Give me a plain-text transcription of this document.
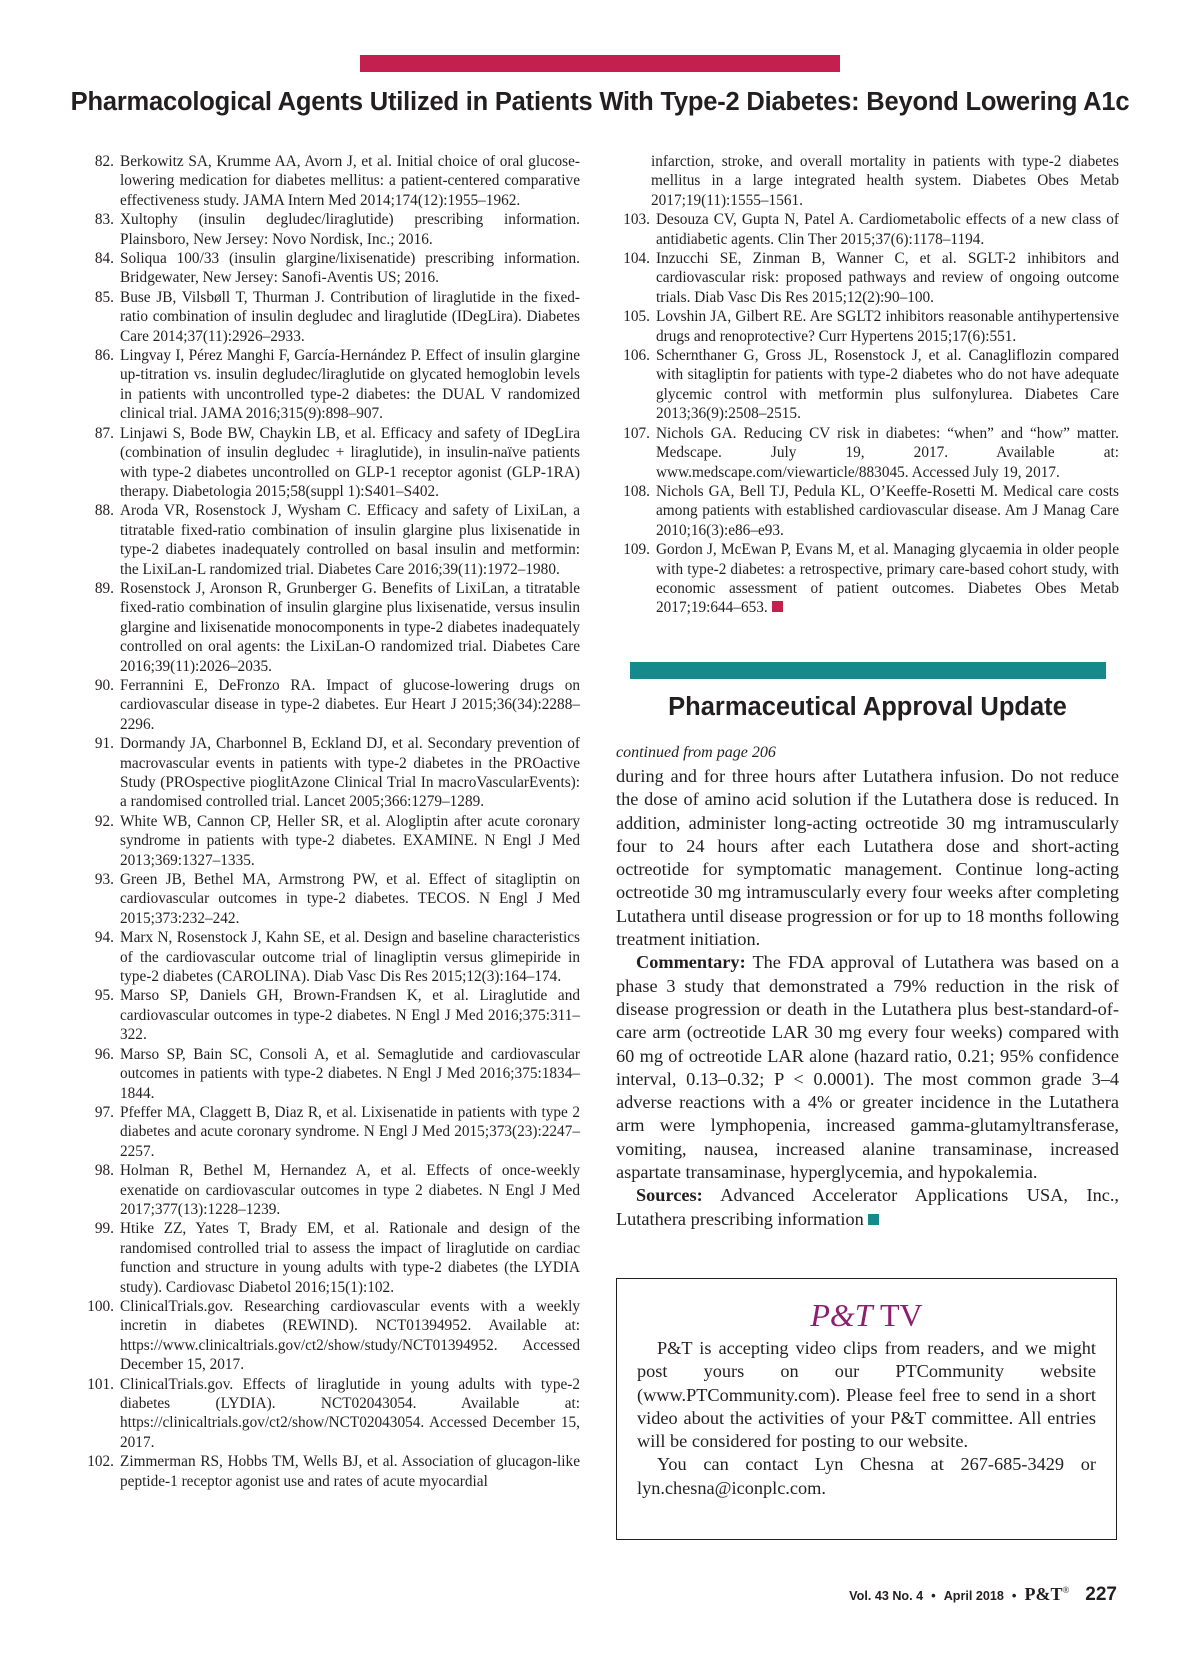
Pharmacological Agents Utilized in Patients With Type-2 Diabetes: Beyond Lowering A1c
82. Berkowitz SA, Krumme AA, Avorn J, et al. Initial choice of oral glucose-lowering medication for diabetes mellitus: a patient-centered comparative effectiveness study. JAMA Intern Med 2014;174(12):1955–1962.
83. Xultophy (insulin degludec/liraglutide) prescribing information. Plainsboro, New Jersey: Novo Nordisk, Inc.; 2016.
84. Soliqua 100/33 (insulin glargine/lixisenatide) prescribing information. Bridgewater, New Jersey: Sanofi-Aventis US; 2016.
85. Buse JB, Vilsbøll T, Thurman J. Contribution of liraglutide in the fixed-ratio combination of insulin degludec and liraglutide (IDegLira). Diabetes Care 2014;37(11):2926–2933.
86. Lingvay I, Pérez Manghi F, García-Hernández P. Effect of insulin glargine up-titration vs. insulin degludec/liraglutide on glycated hemoglobin levels in patients with uncontrolled type-2 diabetes: the DUAL V randomized clinical trial. JAMA 2016;315(9):898–907.
87. Linjawi S, Bode BW, Chaykin LB, et al. Efficacy and safety of IDegLira (combination of insulin degludec + liraglutide), in insulin-naïve patients with type-2 diabetes uncontrolled on GLP-1 receptor agonist (GLP-1RA) therapy. Diabetologia 2015;58(suppl 1):S401–S402.
88. Aroda VR, Rosenstock J, Wysham C. Efficacy and safety of LixiLan, a titratable fixed-ratio combination of insulin glargine plus lixisenatide in type-2 diabetes inadequately controlled on basal insulin and metformin: the LixiLan-L randomized trial. Diabetes Care 2016;39(11):1972–1980.
89. Rosenstock J, Aronson R, Grunberger G. Benefits of LixiLan, a titratable fixed-ratio combination of insulin glargine plus lixisenatide, versus insulin glargine and lixisenatide monocomponents in type-2 diabetes inadequately controlled on oral agents: the LixiLan-O randomized trial. Diabetes Care 2016;39(11):2026–2035.
90. Ferrannini E, DeFronzo RA. Impact of glucose-lowering drugs on cardiovascular disease in type-2 diabetes. Eur Heart J 2015;36(34):2288–2296.
91. Dormandy JA, Charbonnel B, Eckland DJ, et al. Secondary prevention of macrovascular events in patients with type-2 diabetes in the PROactive Study (PROspective pioglitAzone Clinical Trial In macroVascularEvents): a randomised controlled trial. Lancet 2005;366:1279–1289.
92. White WB, Cannon CP, Heller SR, et al. Alogliptin after acute coronary syndrome in patients with type-2 diabetes. EXAMINE. N Engl J Med 2013;369:1327–1335.
93. Green JB, Bethel MA, Armstrong PW, et al. Effect of sitagliptin on cardiovascular outcomes in type-2 diabetes. TECOS. N Engl J Med 2015;373:232–242.
94. Marx N, Rosenstock J, Kahn SE, et al. Design and baseline characteristics of the cardiovascular outcome trial of linagliptin versus glimepiride in type-2 diabetes (CAROLINA). Diab Vasc Dis Res 2015;12(3):164–174.
95. Marso SP, Daniels GH, Brown-Frandsen K, et al. Liraglutide and cardiovascular outcomes in type-2 diabetes. N Engl J Med 2016;375:311–322.
96. Marso SP, Bain SC, Consoli A, et al. Semaglutide and cardiovascular outcomes in patients with type-2 diabetes. N Engl J Med 2016;375:1834–1844.
97. Pfeffer MA, Claggett B, Diaz R, et al. Lixisenatide in patients with type 2 diabetes and acute coronary syndrome. N Engl J Med 2015;373(23):2247–2257.
98. Holman R, Bethel M, Hernandez A, et al. Effects of once-weekly exenatide on cardiovascular outcomes in type 2 diabetes. N Engl J Med 2017;377(13):1228–1239.
99. Htike ZZ, Yates T, Brady EM, et al. Rationale and design of the randomised controlled trial to assess the impact of liraglutide on cardiac function and structure in young adults with type-2 diabetes (the LYDIA study). Cardiovasc Diabetol 2016;15(1):102.
100. ClinicalTrials.gov. Researching cardiovascular events with a weekly incretin in diabetes (REWIND). NCT01394952. Available at: https://www.clinicaltrials.gov/ct2/show/study/NCT01394952. Accessed December 15, 2017.
101. ClinicalTrials.gov. Effects of liraglutide in young adults with type-2 diabetes (LYDIA). NCT02043054. Available at: https://clinicaltrials.gov/ct2/show/NCT02043054. Accessed December 15, 2017.
102. Zimmerman RS, Hobbs TM, Wells BJ, et al. Association of glucagon-like peptide-1 receptor agonist use and rates of acute myocardial
infarction, stroke, and overall mortality in patients with type-2 diabetes mellitus in a large integrated health system. Diabetes Obes Metab 2017;19(11):1555–1561.
103. Desouza CV, Gupta N, Patel A. Cardiometabolic effects of a new class of antidiabetic agents. Clin Ther 2015;37(6):1178–1194.
104. Inzucchi SE, Zinman B, Wanner C, et al. SGLT-2 inhibitors and cardiovascular risk: proposed pathways and review of ongoing outcome trials. Diab Vasc Dis Res 2015;12(2):90–100.
105. Lovshin JA, Gilbert RE. Are SGLT2 inhibitors reasonable antihypertensive drugs and renoprotective? Curr Hypertens 2015;17(6):551.
106. Schernthaner G, Gross JL, Rosenstock J, et al. Canagliflozin compared with sitagliptin for patients with type-2 diabetes who do not have adequate glycemic control with metformin plus sulfonylurea. Diabetes Care 2013;36(9):2508–2515.
107. Nichols GA. Reducing CV risk in diabetes: “when” and “how” matter. Medscape. July 19, 2017. Available at: www.medscape.com/viewarticle/883045. Accessed July 19, 2017.
108. Nichols GA, Bell TJ, Pedula KL, O’Keeffe-Rosetti M. Medical care costs among patients with established cardiovascular disease. Am J Manag Care 2010;16(3):e86–e93.
109. Gordon J, McEwan P, Evans M, et al. Managing glycaemia in older people with type-2 diabetes: a retrospective, primary care-based cohort study, with economic assessment of patient outcomes. Diabetes Obes Metab 2017;19:644–653.
Pharmaceutical Approval Update
continued from page 206

during and for three hours after Lutathera infusion. Do not reduce the dose of amino acid solution if the Lutathera dose is reduced. In addition, administer long-acting octreotide 30 mg intramuscularly four to 24 hours after each Lutathera dose and short-acting octreotide for symptomatic management. Continue long-acting octreotide 30 mg intramuscularly every four weeks after completing Lutathera until disease progression or for up to 18 months following treatment initiation.

Commentary: The FDA approval of Lutathera was based on a phase 3 study that demonstrated a 79% reduction in the risk of disease progression or death in the Lutathera plus best-standard-of-care arm (octreotide LAR 30 mg every four weeks) compared with 60 mg of octreotide LAR alone (hazard ratio, 0.21; 95% confidence interval, 0.13–0.32; P < 0.0001). The most common grade 3–4 adverse reactions with a 4% or greater incidence in the Lutathera arm were lymphopenia, increased gamma-glutamyltransferase, vomiting, nausea, increased alanine transaminase, increased aspartate transaminase, hyperglycemia, and hypokalemia.

Sources: Advanced Accelerator Applications USA, Inc., Lutathera prescribing information

P&T TV

P&T is accepting video clips from readers, and we might post yours on our PTCommunity website (www.PTCommunity.com). Please feel free to send in a short video about the activities of your P&T committee. All entries will be considered for posting to our website.

You can contact Lyn Chesna at 267-685-3429 or lyn.chesna@iconplc.com.

Vol. 43 No. 4 • April 2018 • P&T® 227
